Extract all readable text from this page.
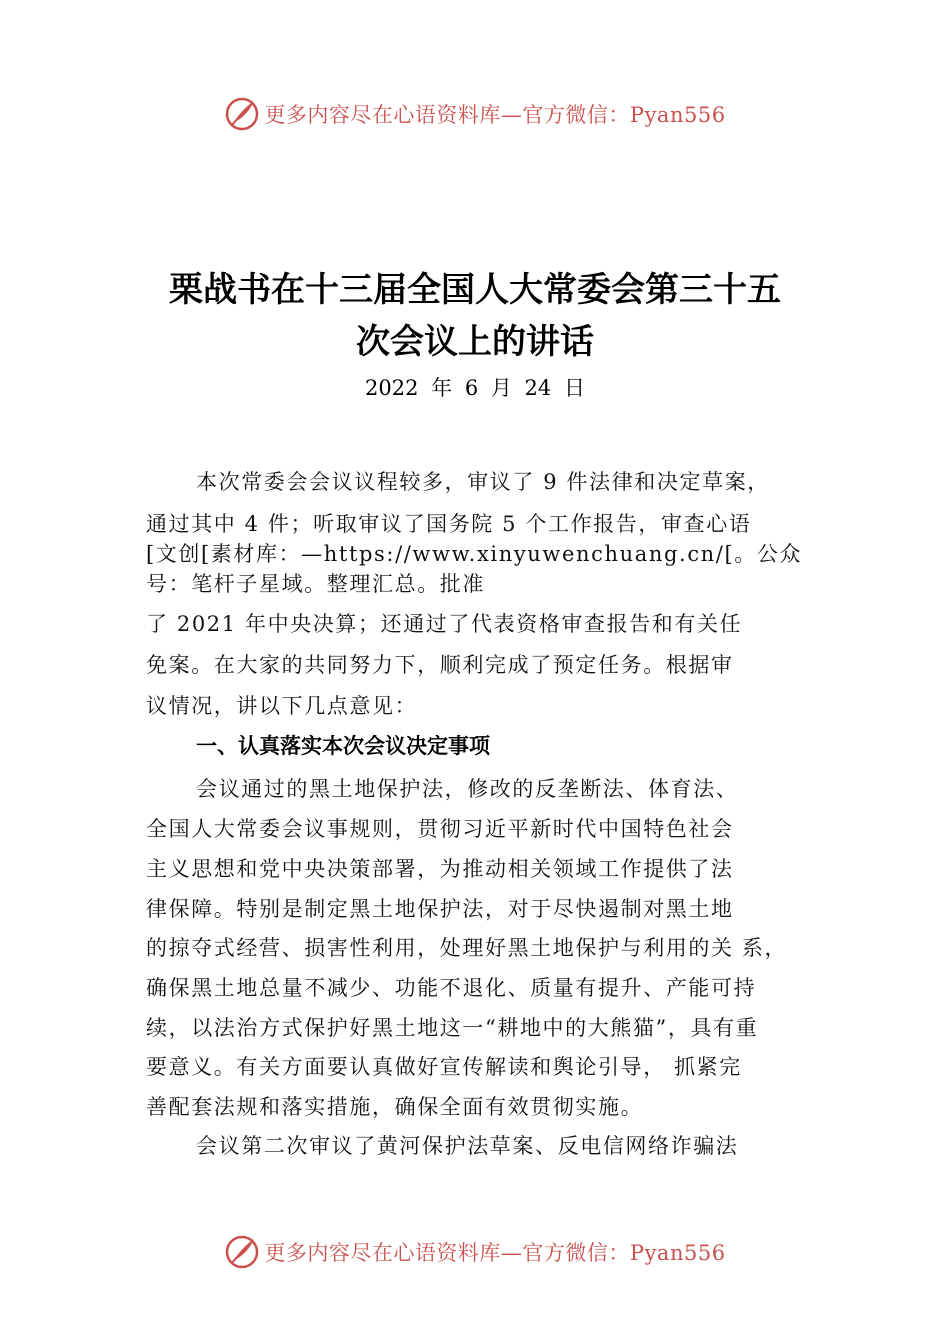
更多内容尽在心语资料库—官方微信：Pyan556
栗战书在十三届全国人大常委会第三十五
次会议上的讲话
2022 年 6 月 24 日
本次常委会会议议程较多，审议了 9 件法律和决定草案，
通过其中 4 件；听取审议了国务院 5 个工作报告，审查心语
[文创[素材库：—https://www.xinyuwenchuang.cn/[。公众
号：笔杆子星域。整理汇总。批准
了 2021 年中央决算；还通过了代表资格审查报告和有关任
免案。在大家的共同努力下，顺利完成了预定任务。根据审
议情况，讲以下几点意见：
一、认真落实本次会议决定事项
会议通过的黑土地保护法，修改的反垄断法、体育法、
全国人大常委会议事规则，贯彻习近平新时代中国特色社会
主义思想和党中央决策部署，为推动相关领域工作提供了法
律保障。特别是制定黑土地保护法，对于尽快遏制对黑土地
的掠夺式经营、损害性利用，处理好黑土地保护与利用的关 系，
确保黑土地总量不减少、功能不退化、质量有提升、产能可持
续，以法治方式保护好黑土地这一“耕地中的大熊猫”，具有重
要意义。有关方面要认真做好宣传解读和舆论引导， 抓紧完
善配套法规和落实措施，确保全面有效贯彻实施。
会议第二次审议了黄河保护法草案、反电信网络诈骗法
更多内容尽在心语资料库—官方微信：Pyan556
